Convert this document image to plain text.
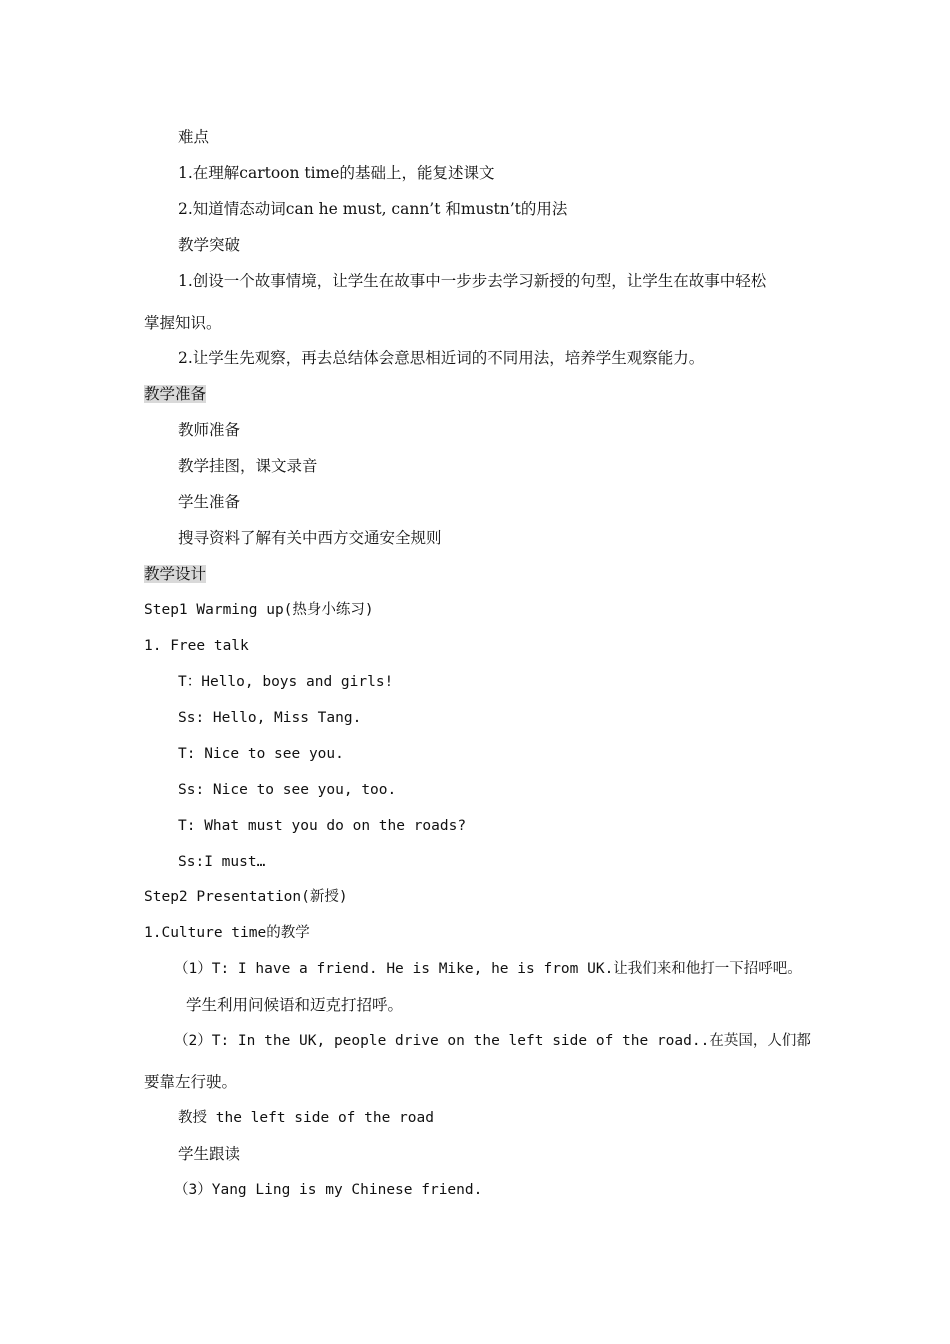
难点
1.在理解cartoon time的基础上，能复述课文
2.知道情态动词can he must, cann’t 和mustn’t的用法
教学突破
1.创设一个故事情境，让学生在故事中一步步去学习新授的句型，让学生在故事中轻松
掌握知识。
2.让学生先观察，再去总结体会意思相近词的不同用法，培养学生观察能力。
教学准备
教师准备
教学挂图，课文录音
学生准备
搜寻资料了解有关中西方交通安全规则
教学设计
Step1 Warming up(热身小练习)
1. Free talk
T：Hello, boys and girls!
Ss: Hello, Miss Tang.
T: Nice to see you.
Ss: Nice to see you, too.
T: What must you do on the roads?
Ss:I must…
Step2 Presentation(新授)
1.Culture time的教学
（1）T: I have a friend. He is Mike, he is from UK.让我们来和他打一下招呼吧。
学生利用问候语和迈克打招呼。
（2）T: In the UK, people drive on the left side of the road..在英国，人们都
要靠左行驶。
教授 the left side of the road
学生跟读
（3）Yang Ling is my Chinese friend.
